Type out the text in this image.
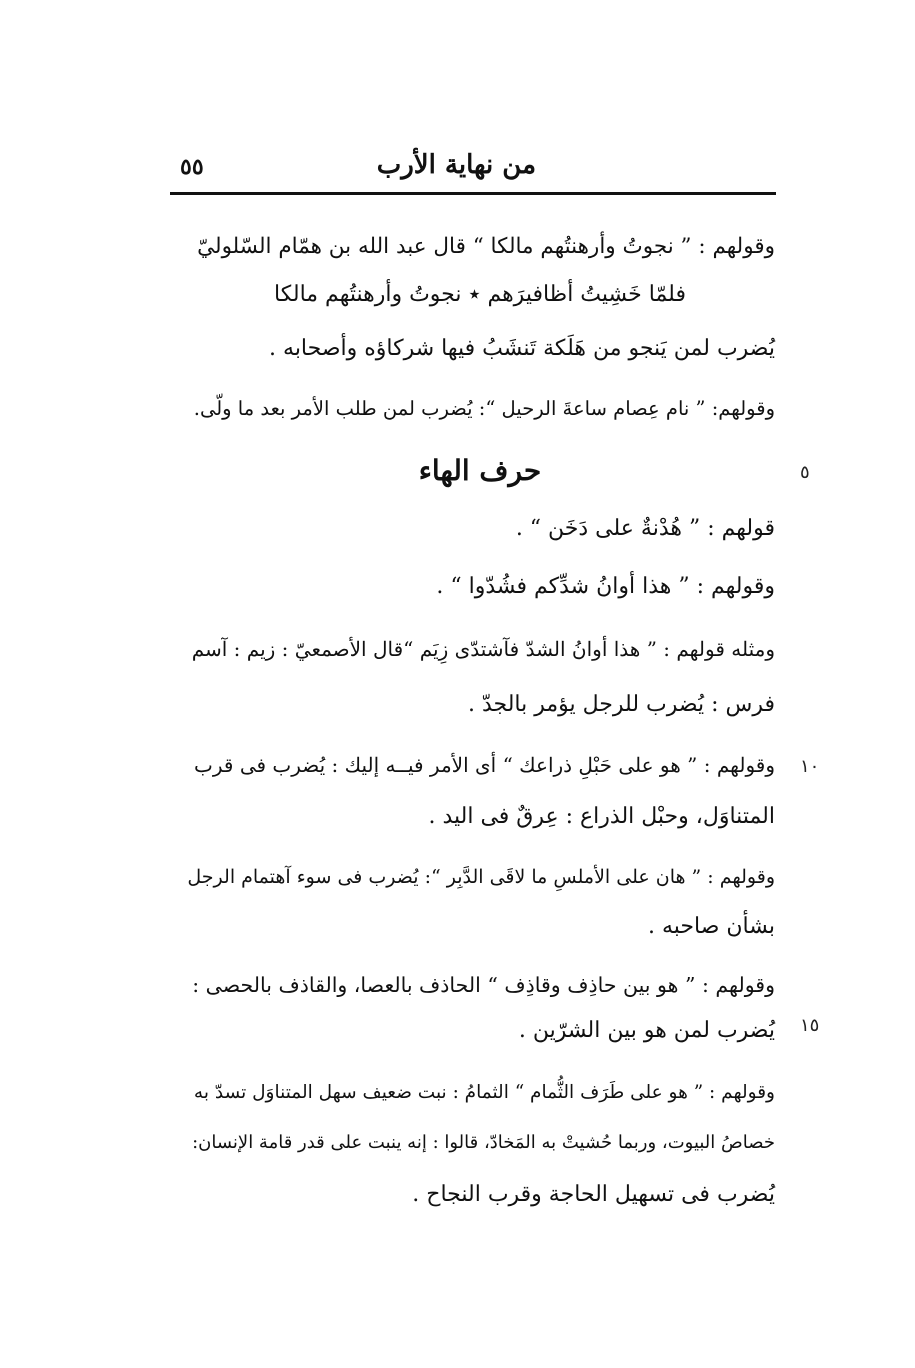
٥٥	من نهاية الأرب
٥
١٠
١٥
وقولهم : ” نجوتُ وأرهنتُهم مالكا “ قال عبد الله بن همّام السّلوليّ
فلمّا خَشِيتُ أظافيرَهم ٭ نجوتُ وأرهنتُهم مالكا
يُضرب لمن يَنجو من هَلَكة تَنشَبُ فيها شركاؤه وأصحابه .
وقولهم: ” نام عِصام ساعةَ الرحيل “: يُضرب لمن طلب الأمر بعد ما ولّى.
حرف الهاء
قولهم : ” هُدْنةٌ على دَخَن “ .
وقولهم : ” هذا أوانُ شدِّكم فشُدّوا “ .
ومثله قولهم : ” هذا أوانُ الشدّ فآشتدّى زِيَم “قال الأصمعيّ : زيم : آسم
فرس : يُضرب للرجل يؤمر بالجدّ .
وقولهم : ” هو على حَبْلِ ذراعك “ أى الأمر فيــه إليك : يُضرب فى قرب
المتناوَل، وحبْل الذراع : عِرقٌ فى اليد .
وقولهم : ” هان على الأملسِ ما لاقَى الدَّبِر “: يُضرب فى سوء آهتمام الرجل
بشأن صاحبه .
وقولهم : ” هو بين حاذِف وقاذِف “ الحاذف بالعصا، والقاذف بالحصى :
يُضرب لمن هو بين الشرّين .
وقولهم : ” هو على طَرَف الثُّمام “ الثمامُ : نبت ضعيف سهل المتناوَل تسدّ به
خصاصُ البيوت، وربما حُشيتْ به المَخادّ، قالوا : إنه ينبت على قدر قامة الإنسان:
يُضرب فى تسهيل الحاجة وقرب النجاح .
